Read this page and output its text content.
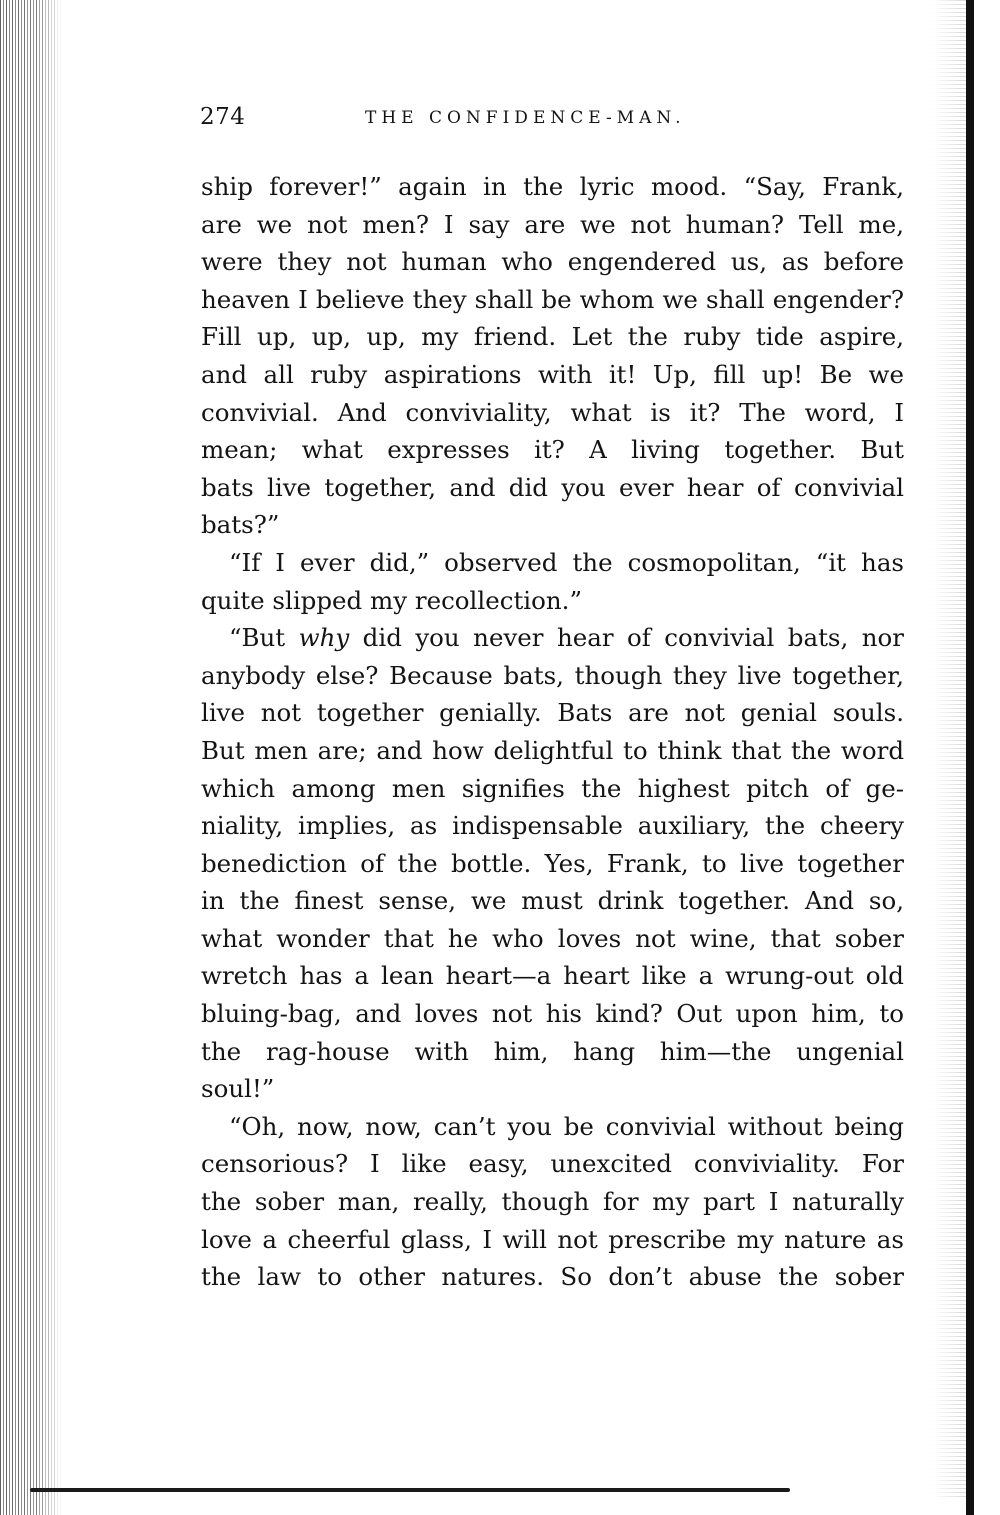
274	THE CONFIDENCE-MAN.
ship forever!” again in the lyric mood. “Say, Frank,
are we not men? I say are we not human? Tell me,
were they not human who engendered us, as before
heaven I believe they shall be whom we shall engender?
Fill up, up, up, my friend. Let the ruby tide aspire,
and all ruby aspirations with it! Up, fill up! Be we
convivial. And conviviality, what is it? The word, I
mean; what expresses it? A living together. But
bats live together, and did you ever hear of convivial
bats?”
“If I ever did,” observed the cosmopolitan, “it has
quite slipped my recollection.”
“But why did you never hear of convivial bats, nor
anybody else? Because bats, though they live together,
live not together genially. Bats are not genial souls.
But men are; and how delightful to think that the word
which among men signifies the highest pitch of ge-
niality, implies, as indispensable auxiliary, the cheery
benediction of the bottle. Yes, Frank, to live together
in the finest sense, we must drink together. And so,
what wonder that he who loves not wine, that sober
wretch has a lean heart—a heart like a wrung-out old
bluing-bag, and loves not his kind? Out upon him, to
the rag-house with him, hang him—the ungenial
soul!”
“Oh, now, now, can’t you be convivial without being
censorious? I like easy, unexcited conviviality. For
the sober man, really, though for my part I naturally
love a cheerful glass, I will not prescribe my nature as
the law to other natures. So don’t abuse the sober
